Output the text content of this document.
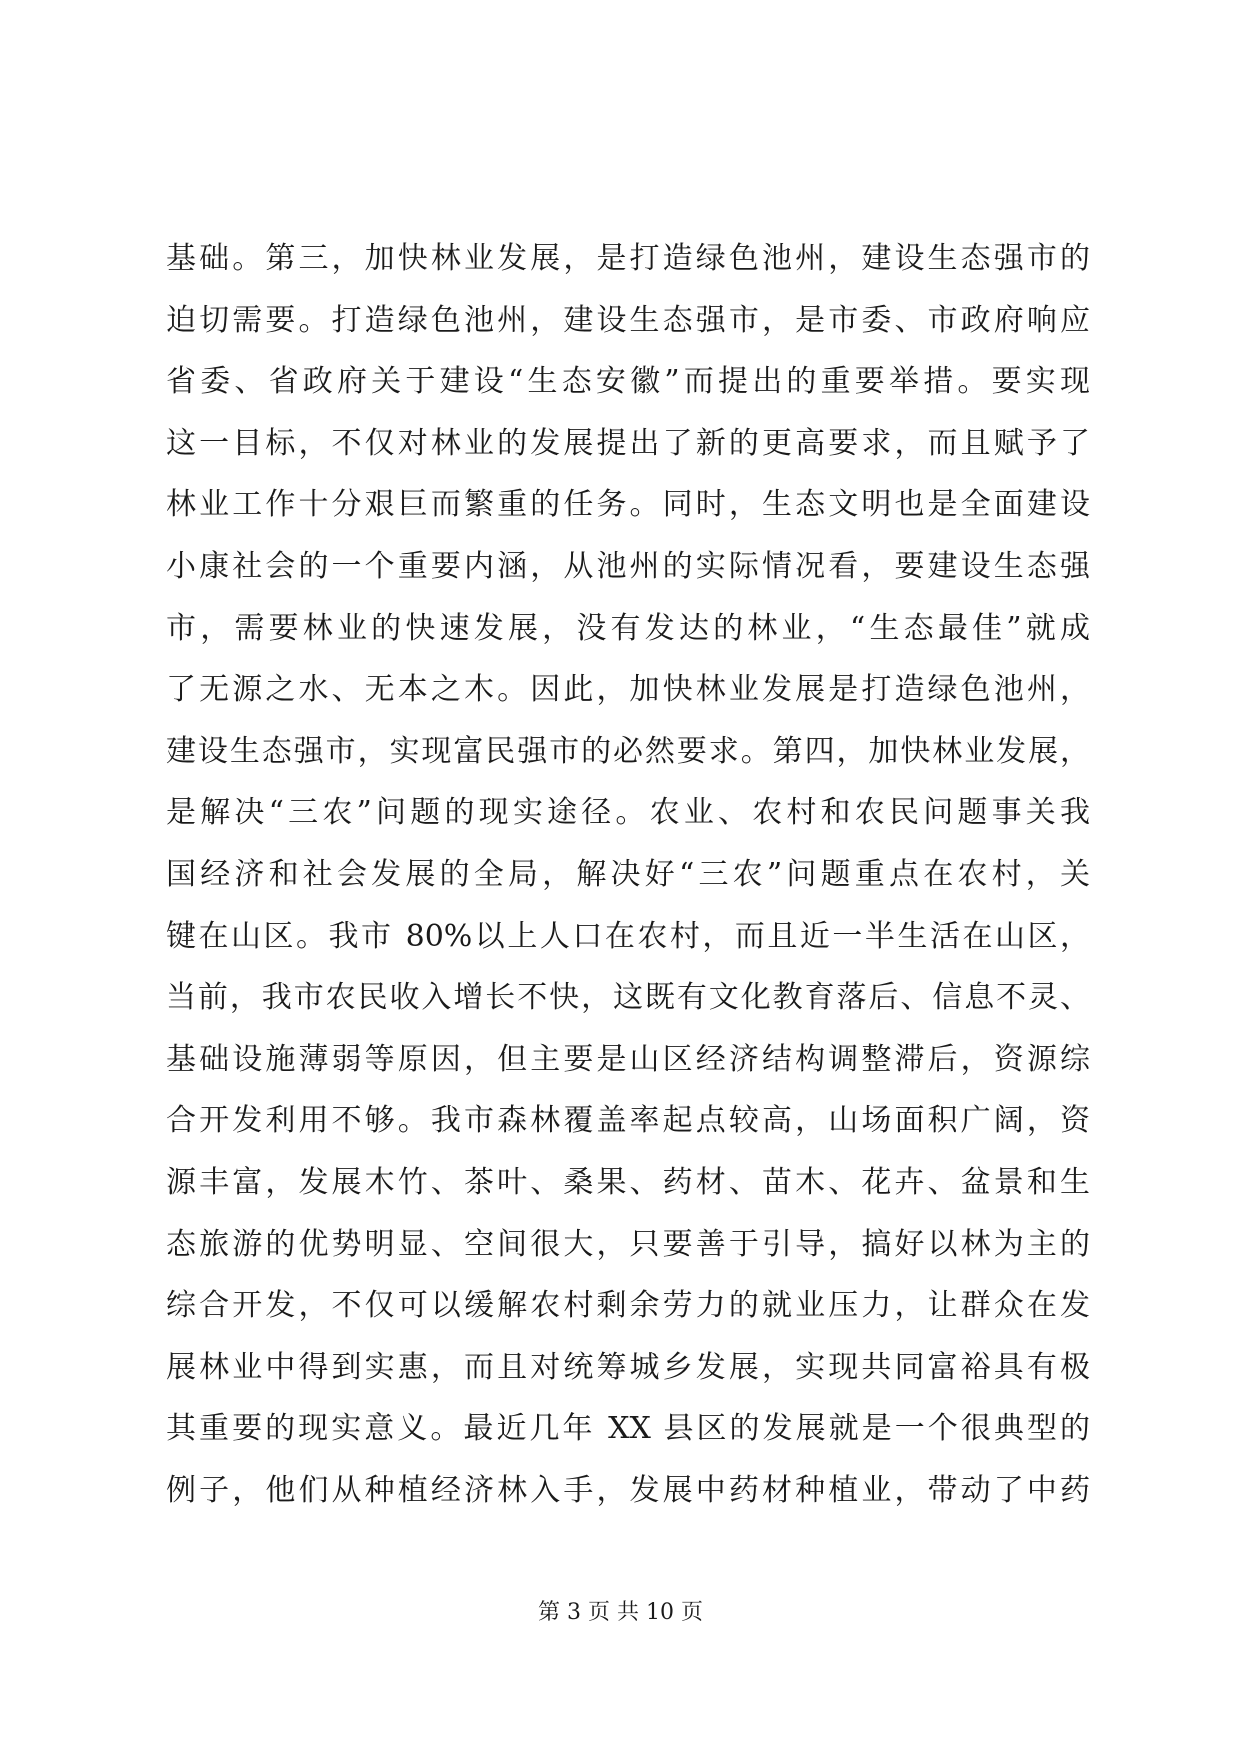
基础。第三，加快林业发展，是打造绿色池州，建设生态强市的
迫切需要。打造绿色池州，建设生态强市，是市委、市政府响应
省委、省政府关于建设“生态安徽”而提出的重要举措。要实现
这一目标，不仅对林业的发展提出了新的更高要求，而且赋予了
林业工作十分艰巨而繁重的任务。同时，生态文明也是全面建设
小康社会的一个重要内涵，从池州的实际情况看，要建设生态强
市，需要林业的快速发展，没有发达的林业，“生态最佳”就成
了无源之水、无本之木。因此，加快林业发展是打造绿色池州，
建设生态强市，实现富民强市的必然要求。第四，加快林业发展，
是解决“三农”问题的现实途径。农业、农村和农民问题事关我
国经济和社会发展的全局，解决好“三农”问题重点在农村，关
键在山区。我市 80%以上人口在农村，而且近一半生活在山区，
当前，我市农民收入增长不快，这既有文化教育落后、信息不灵、
基础设施薄弱等原因，但主要是山区经济结构调整滞后，资源综
合开发利用不够。我市森林覆盖率起点较高，山场面积广阔，资
源丰富，发展木竹、茶叶、桑果、药材、苗木、花卉、盆景和生
态旅游的优势明显、空间很大，只要善于引导，搞好以林为主的
综合开发，不仅可以缓解农村剩余劳力的就业压力，让群众在发
展林业中得到实惠，而且对统筹城乡发展，实现共同富裕具有极
其重要的现实意义。最近几年 XX 县区的发展就是一个很典型的
例子，他们从种植经济林入手，发展中药材种植业，带动了中药
第 3 页 共 10 页
